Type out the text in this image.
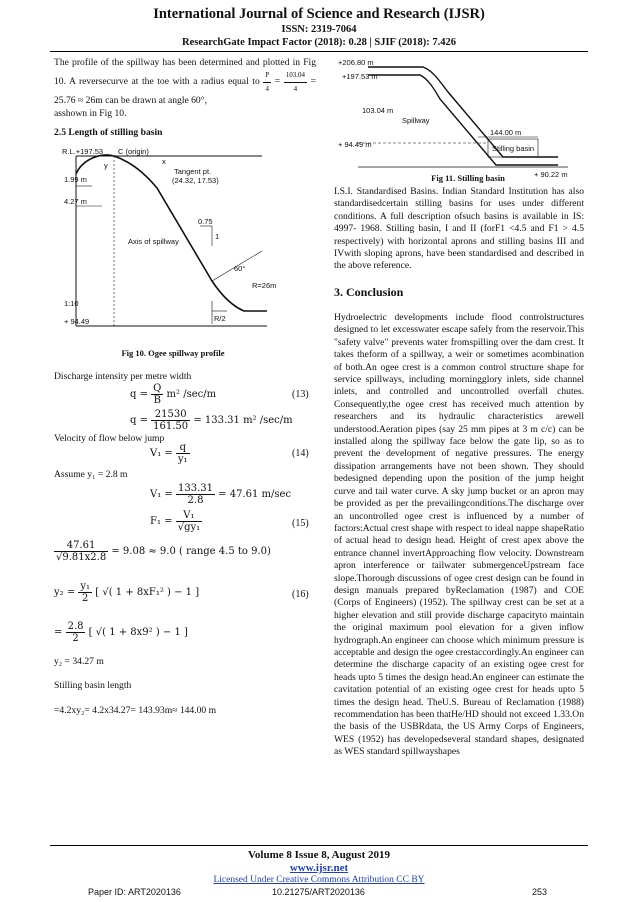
International Journal of Science and Research (IJSR)
ISSN: 2319-7064
ResearchGate Impact Factor (2018): 0.28 | SJIF (2018): 7.426
The profile of the spillway has been determined and plotted in Fig 10. A reversecurve at the toe with a radius equal to $\frac{P}{4} = \frac{103.04}{4} = 25.76 \approx 26m$ can be drawn at angle 60°,
asshown in Fig 10.
2.5 Length of stilling basin
R.L.+197.53 C (origin)
y	x
Tangent pt.
(24.32, 17.53)
1.99 m
4.27 m
0.75
1
Axis of spillway
60°
R=26m
R/2
1:10
+ 94.49
Fig 10. Ogee spillway profile
Discharge intensity per metre width
$q = \frac{Q}{B} m^2$ /sec/m	(13)
$q = \frac{21530}{161.50} = 133.31$ m² /sec/m
Velocity of flow below jump
$V_1 = \frac{q}{\text{y₁}}$	(14)
Assume y₁ = 2.8 m
$V_1 = \frac{133.31}{2.8} = 47.61$ m/sec
$F_1 = \frac{\text{V₁}}{\text{√gy₁}}$	(15)
$\frac{47.61}{√9.81x2.8} = 9.08 \approx 9.0$ ( range 4.5 to 9.0)
$y_2 = \frac{\text{y₁}}{2}$ [ √( 1 + 8xF₁² ) − 1 ]	(16)
= $\frac{2.8}{2}$ [ √( 1 + 8x9² ) − 1 ]
y₂ = 34.27 m
Stilling basin length
=4.2xy₂= 4.2x34.27= 143.93m≈ 144.00 m
+206.80 m
+197.53 m
103.04 m
Spillway
+ 94.49 m
144.00 m
Stilling basin
+ 90.22 m
Fig 11. Stilling basin
I.S.I. Standardised Basins. Indian Standard Institution has also standardisedcertain stilling basins for uses under different conditions. A full description ofsuch basins is available in IS: 4997- 1968. Stilling basin, I and II (forF1 <4.5 and F1 > 4.5 respectively) with horizontal aprons and stilling basins III and IVwith sloping aprons, have been standardised and described in the above reference.
3. Conclusion
Hydroelectric developments include flood controlstructures designed to let excesswater escape safely from the reservoir.This "safety valve" prevents water fromspilling over the dam crest. It takes theform of a spillway, a weir or sometimes acombination of both.An ogee crest is a common control structure shape for service spillways, including morningglory inlets, side channel inlets, and controlled and uncontrolled overfall chutes. Consequently,the ogee crest has received much attention by researchers and its hydraulic characteristics arewell understood.Aeration pipes (say 25 mm pipes at 3 m c/c) can be installed along the spillway face below the gate lip, so as to prevent the development of negative pressures. The energy dissipation arrangements have not been shown. They should bedesigned depending upon the position of the jump height curve and tail water curve. A sky jump bucket or an apron may be provided as per the prevailingconditions.The discharge over an uncontrolled ogee crest is influenced by a number of factors:Actual crest shape with respect to ideal nappe shapeRatio of actual head to design head. Height of crest apex above the entrance channel invertApproaching flow velocity. Downstream apron interference or tailwater submergenceUpstream face slope.Thorough discussions of ogee crest design can be found in design manuals prepared byReclamation (1987) and COE (Corps of Engineers) (1952). The spillway crest can be set at a higher elevation and still provide discharge capacityto maintain the original maximum pool elevation for a given inflow hydrograph.An engineer can choose which minimum pressure is acceptable and design the ogee crestaccordingly.An engineer can determine the discharge capacity of an existing ogee crest for heads upto 5 times the design head.An engineer can estimate the cavitation potential of an existing ogee crest for heads upto 5 times the design head. TheU.S. Bureau of Reclamation (1988) recommendation has been thatHe/HD should not exceed 1.33.On the basis of the USBRdata, the US Army Corps of Engineers, WES (1952) has developedseveral standard shapes, designated as WES standard spillwayshapes
Volume 8 Issue 8, August 2019
www.ijsr.net
Licensed Under Creative Commons Attribution CC BY
Paper ID: ART2020136	10.21275/ART2020136	253
